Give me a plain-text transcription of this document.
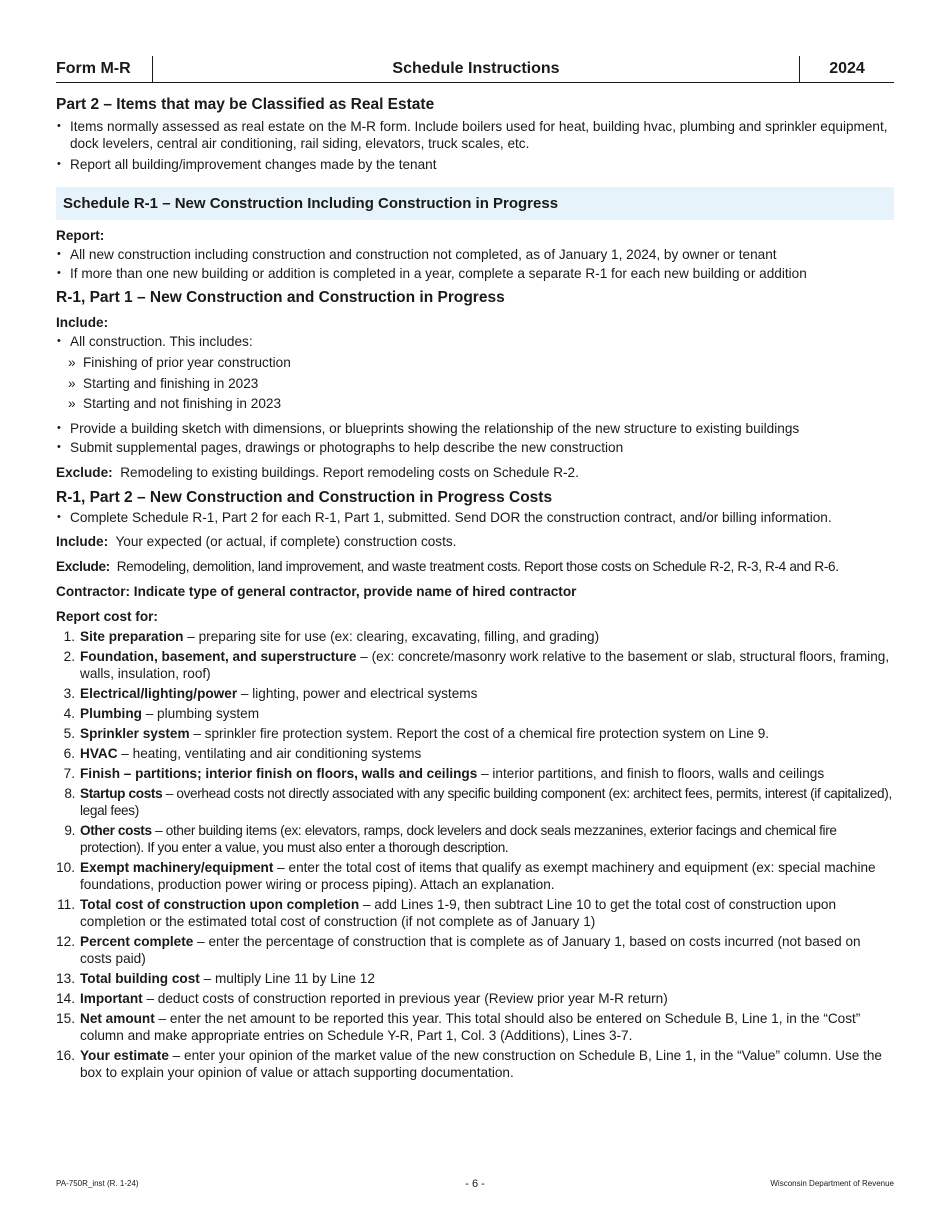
Form M-R	Schedule Instructions	2024
Part 2 – Items that may be Classified as Real Estate
• Items normally assessed as real estate on the M-R form. Include boilers used for heat, building hvac, plumbing and sprinkler equipment, dock levelers, central air conditioning, rail siding, elevators, truck scales, etc.
• Report all building/improvement changes made by the tenant
Schedule R-1 – New Construction Including Construction in Progress
Report:
• All new construction including construction and construction not completed, as of January 1, 2024, by owner or tenant
• If more than one new building or addition is completed in a year, complete a separate R-1 for each new building or addition
R-1, Part 1 – New Construction and Construction in Progress
Include:
• All construction. This includes:
» Finishing of prior year construction
» Starting and finishing in 2023
» Starting and not finishing in 2023
• Provide a building sketch with dimensions, or blueprints showing the relationship of the new structure to existing buildings
• Submit supplemental pages, drawings or photographs to help describe the new construction
Exclude: Remodeling to existing buildings. Report remodeling costs on Schedule R-2.
R-1, Part 2 – New Construction and Construction in Progress Costs
• Complete Schedule R-1, Part 2 for each R-1, Part 1, submitted. Send DOR the construction contract, and/or billing information.
Include: Your expected (or actual, if complete) construction costs.
Exclude: Remodeling, demolition, land improvement, and waste treatment costs. Report those costs on Schedule R-2, R-3, R-4 and R-6.
Contractor: Indicate type of general contractor, provide name of hired contractor
Report cost for:
1. Site preparation – preparing site for use (ex: clearing, excavating, filling, and grading)
2. Foundation, basement, and superstructure – (ex: concrete/masonry work relative to the basement or slab, structural floors, framing, walls, insulation, roof)
3. Electrical/lighting/power – lighting, power and electrical systems
4. Plumbing – plumbing system
5. Sprinkler system – sprinkler fire protection system. Report the cost of a chemical fire protection system on Line 9.
6. HVAC – heating, ventilating and air conditioning systems
7. Finish – partitions; interior finish on floors, walls and ceilings – interior partitions, and finish to floors, walls and ceilings
8. Startup costs – overhead costs not directly associated with any specific building component (ex: architect fees, permits, interest (if capitalized), legal fees)
9. Other costs – other building items (ex: elevators, ramps, dock levelers and dock seals mezzanines, exterior facings and chemical fire protection). If you enter a value, you must also enter a thorough description.
10. Exempt machinery/equipment – enter the total cost of items that qualify as exempt machinery and equipment (ex: special machine foundations, production power wiring or process piping). Attach an explanation.
11. Total cost of construction upon completion – add Lines 1-9, then subtract Line 10 to get the total cost of construction upon completion or the estimated total cost of construction (if not complete as of January 1)
12. Percent complete – enter the percentage of construction that is complete as of January 1, based on costs incurred (not based on costs paid)
13. Total building cost – multiply Line 11 by Line 12
14. Important – deduct costs of construction reported in previous year (Review prior year M-R return)
15. Net amount – enter the net amount to be reported this year. This total should also be entered on Schedule B, Line 1, in the “Cost” column and make appropriate entries on Schedule Y-R, Part 1, Col. 3 (Additions), Lines 3-7.
16. Your estimate – enter your opinion of the market value of the new construction on Schedule B, Line 1, in the “Value” column. Use the box to explain your opinion of value or attach supporting documentation.
PA-750R_inst (R. 1-24)	- 6 -	Wisconsin Department of Revenue
